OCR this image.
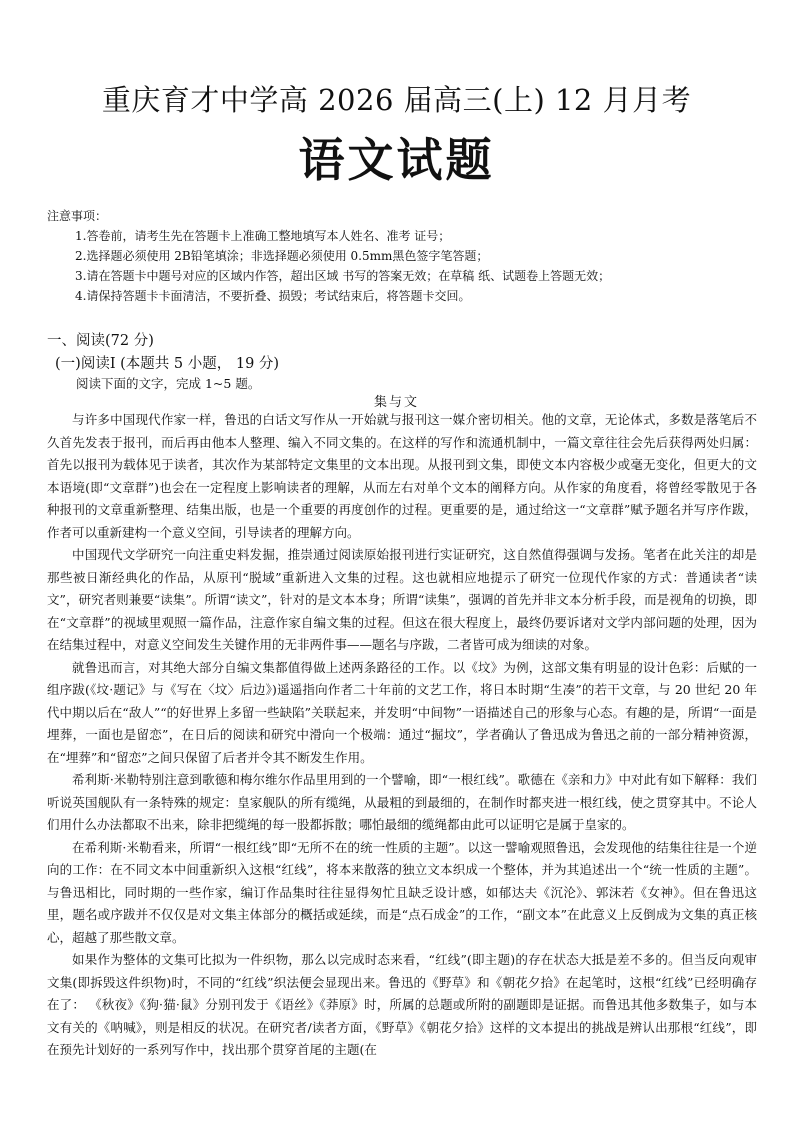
重庆育才中学高 2026 届高三(上) 12 月月考
语文试题
注意事项：
1.答卷前，请考生先在答题卡上准确工整地填写本人姓名、准考 证号；
2.选择题必须使用 2B铅笔填涂；非选择题必须使用 0.5mm黑色签字笔答题；
3.请在答题卡中题号对应的区域内作答，超出区域 书写的答案无效；在草稿 纸、试题卷上答题无效；
4.请保持答题卡卡面清洁，不要折叠、损毁；考试结束后，将答题卡交回。
一、阅读(72 分)
(一)阅读Ⅰ (本题共 5 小题， 19 分)
阅读下面的文字，完成 1~5 题。
集与文

与许多中国现代作家一样，鲁迅的白话文写作从一开始就与报刊这一媒介密切相关。他的文章，无论体式，多数是落笔后不久首先发表于报刊，而后再由他本人整理、编入不同文集的。在这样的写作和流通机制中，一篇文章往往会先后获得两处归属：首先以报刊为载体见于读者，其次作为某部特定文集里的文本出现。从报刊到文集，即使文本内容极少或毫无变化，但更大的文本语境(即“文章群”)也会在一定程度上影响读者的理解，从而左右对单个文本的阐释方向。从作家的角度看，将曾经零散见于各种报刊的文章重新整理、结集出版，也是一个重要的再度创作的过程。更重要的是，通过给这一“文章群”赋予题名并写序作跋，作者可以重新建构一个意义空间，引导读者的理解方向。

中国现代文学研究一向注重史料发掘，推崇通过阅读原始报刊进行实证研究，这自然值得强调与发扬。笔者在此关注的却是那些被日渐经典化的作品，从原刊“脱域”重新进入文集的过程。这也就相应地提示了研究一位现代作家的方式：普通读者“读文”，研究者则兼要“读集”。所谓“读文”，针对的是文本本身；所谓“读集”，强调的首先并非文本分析手段，而是视角的切换，即在“文章群”的视域里观照一篇作品，注意作家自编文集的过程。但这在很大程度上，最终仍要诉诸对文学内部问题的处理，因为在结集过程中，对意义空间发生关键作用的无非两件事——题名与序跋，二者皆可成为细读的对象。

就鲁迅而言，对其绝大部分自编文集都值得做上述两条路径的工作。以《坟》为例，这部文集有明显的设计色彩：后赋的一组序跋(《坟·题记》与《写在〈坟〉后边》)遥遥指向作者二十年前的文艺工作，将日本时期“生凑”的若干文章，与 20 世纪 20 年代中期以后在“敌人”“的好世界上多留一些缺陷”关联起来，并发明“中间物”一语描述自己的形象与心态。有趣的是，所谓“一面是埋葬，一面也是留恋”，在日后的阅读和研究中滑向一个极端：通过“掘坟”，学者确认了鲁迅成为鲁迅之前的一部分精神资源，在“埋葬”和“留恋”之间只保留了后者并令其不断发生作用。

希利斯·米勒特别注意到歌德和梅尔维尔作品里用到的一个譬喻，即“一根红线”。歌德在《亲和力》中对此有如下解释：我们听说英国舰队有一条特殊的规定：皇家舰队的所有缆绳，从最粗的到最细的，在制作时都夹进一根红线，使之贯穿其中。不论人们用什么办法都取不出来，除非把缆绳的每一股都拆散；哪怕最细的缆绳都由此可以证明它是属于皇家的。

在希利斯·米勒看来，所谓“一根红线”即“无所不在的统一性质的主题”。以这一譬喻观照鲁迅，会发现他的结集往往是一个逆向的工作：在不同文本中间重新织入这根“红线”，将本来散落的独立文本织成一个整体，并为其追述出一个“统一性质的主题”。与鲁迅相比，同时期的一些作家，编订作品集时往往显得匆忙且缺乏设计感，如郁达夫《沉沦》、郭沫若《女神》。但在鲁迅这里，题名或序跋并不仅仅是对文集主体部分的概括或延续，而是“点石成金”的工作，“副文本”在此意义上反倒成为文集的真正核心，超越了那些散文章。

如果作为整体的文集可比拟为一件织物，那么以完成时态来看，“红线”(即主题)的存在状态大抵是差不多的。但当反向观审文集(即拆毁这件织物)时，不同的“红线”织法便会显现出来。鲁迅的《野草》和《朝花夕拾》在起笔时，这根“红线”已经明确存在了： 《秋夜》《狗·猫·鼠》分别刊发于《语丝》《莽原》时，所属的总题或所附的副题即是证据。而鲁迅其他多数集子，如与本文有关的《呐喊》，则是相反的状况。在研究者/读者方面，《野草》《朝花夕拾》这样的文本提出的挑战是辨认出那根“红线”，即在预先计划好的一系列写作中，找出那个贯穿首尾的主题(在
